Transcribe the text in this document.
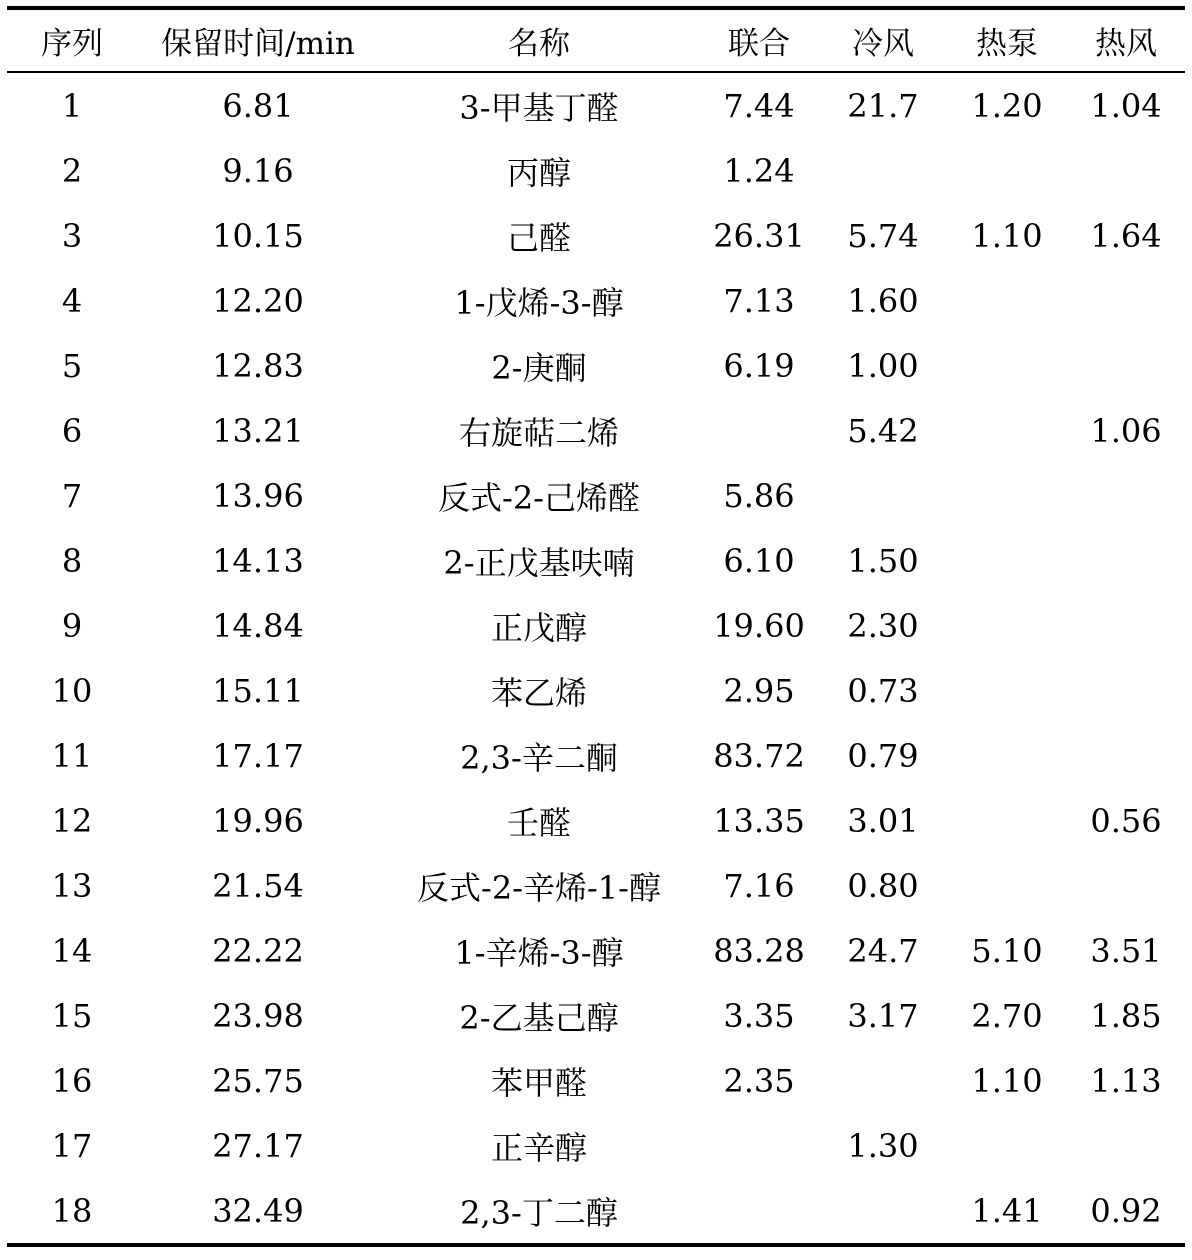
序列	保留时间/min	名称	联合	冷风	热泵	热风
1	6.81	3-甲基丁醛	7.44	21.7	1.20	1.04
2	9.16	丙醇	1.24			
3	10.15	己醛	26.31	5.74	1.10	1.64
4	12.20	1-戊烯-3-醇	7.13	1.60		
5	12.83	2-庚酮	6.19	1.00		
6	13.21	右旋萜二烯		5.42		1.06
7	13.96	反式-2-己烯醛	5.86			
8	14.13	2-正戊基呋喃	6.10	1.50		
9	14.84	正戊醇	19.60	2.30		
10	15.11	苯乙烯	2.95	0.73		
11	17.17	2,3-辛二酮	83.72	0.79		
12	19.96	壬醛	13.35	3.01		0.56
13	21.54	反式-2-辛烯-1-醇	7.16	0.80		
14	22.22	1-辛烯-3-醇	83.28	24.7	5.10	3.51
15	23.98	2-乙基己醇	3.35	3.17	2.70	1.85
16	25.75	苯甲醛	2.35		1.10	1.13
17	27.17	正辛醇		1.30		
18	32.49	2,3-丁二醇			1.41	0.92
